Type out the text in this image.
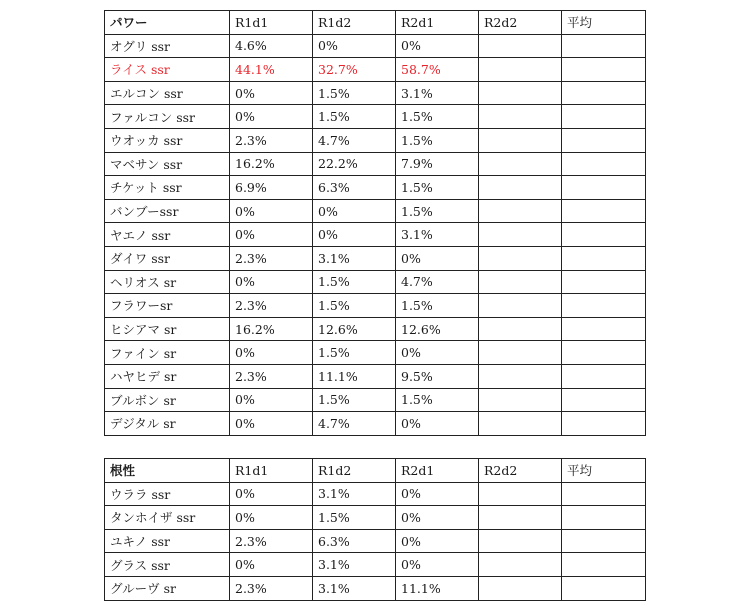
パワー	R1d1	R1d2	R2d1	R2d2	平均
オグリ ssr	4.6%	0%	0%		
ライス ssr	44.1%	32.7%	58.7%		
エルコン ssr	0%	1.5%	3.1%		
ファルコン ssr	0%	1.5%	1.5%		
ウオッカ ssr	2.3%	4.7%	1.5%		
マベサン ssr	16.2%	22.2%	7.9%		
チケット ssr	6.9%	6.3%	1.5%		
バンブーssr	0%	0%	1.5%		
ヤエノ ssr	0%	0%	3.1%		
ダイワ ssr	2.3%	3.1%	0%		
ヘリオス sr	0%	1.5%	4.7%		
フラワーsr	2.3%	1.5%	1.5%		
ヒシアマ sr	16.2%	12.6%	12.6%		
ファイン sr	0%	1.5%	0%		
ハヤヒデ sr	2.3%	11.1%	9.5%		
ブルボン sr	0%	1.5%	1.5%		
デジタル sr	0%	4.7%	0%		
根性	R1d1	R1d2	R2d1	R2d2	平均
ウララ ssr	0%	3.1%	0%		
タンホイザ ssr	0%	1.5%	0%		
ユキノ ssr	2.3%	6.3%	0%		
グラス ssr	0%	3.1%	0%		
グルーヴ sr	2.3%	3.1%	11.1%		
